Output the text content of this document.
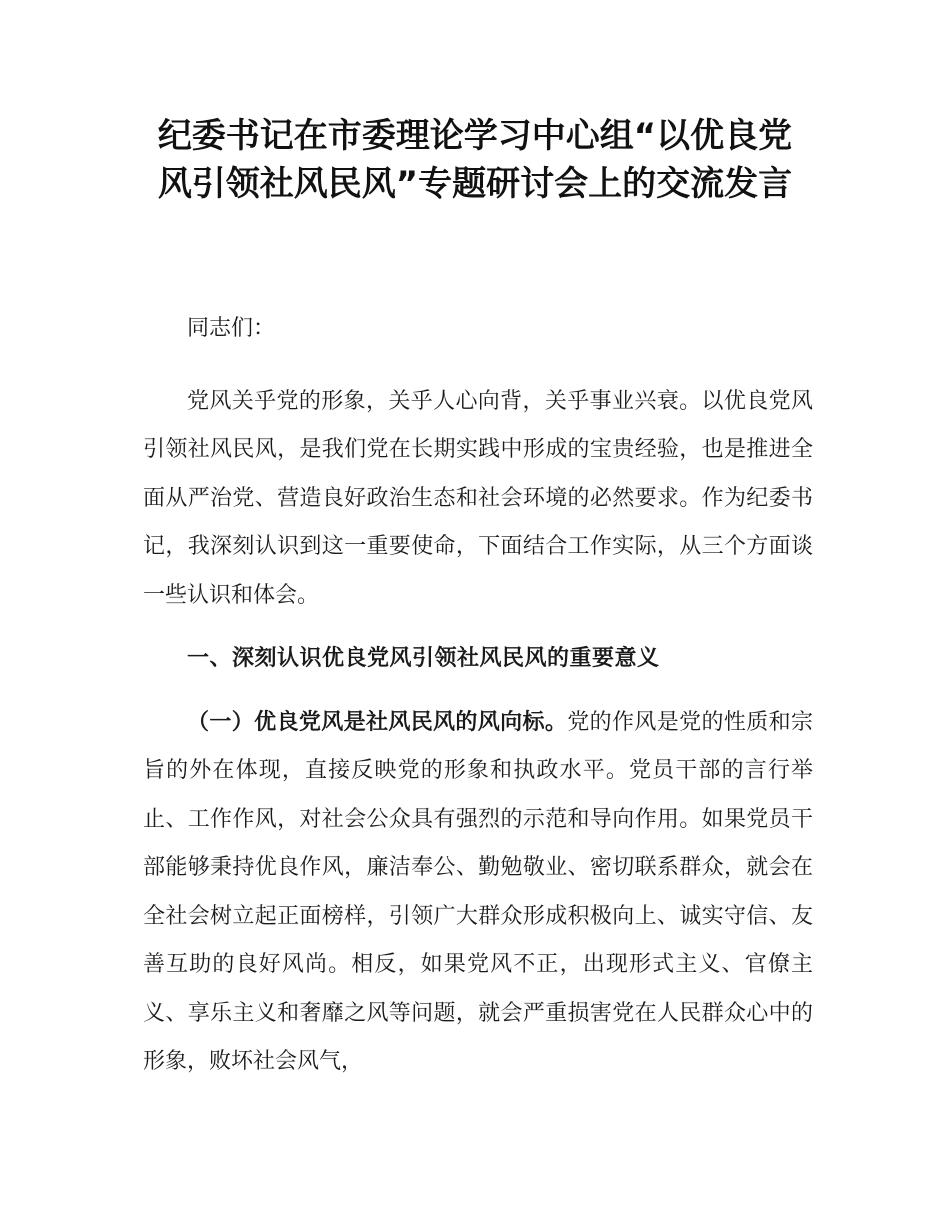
纪委书记在市委理论学习中心组“以优良党
风引领社风民风”专题研讨会上的交流发言

同志们：

党风关乎党的形象，关乎人心向背，关乎事业兴衰。以优良党风引领社风民风，是我们党在长期实践中形成的宝贵经验，也是推进全面从严治党、营造良好政治生态和社会环境的必然要求。作为纪委书记，我深刻认识到这一重要使命，下面结合工作实际，从三个方面谈一些认识和体会。

一、深刻认识优良党风引领社风民风的重要意义

（一）优良党风是社风民风的风向标。党的作风是党的性质和宗旨的外在体现，直接反映党的形象和执政水平。党员干部的言行举止、工作作风，对社会公众具有强烈的示范和导向作用。如果党员干部能够秉持优良作风，廉洁奉公、勤勉敬业、密切联系群众，就会在全社会树立起正面榜样，引领广大群众形成积极向上、诚实守信、友善互助的良好风尚。相反，如果党风不正，出现形式主义、官僚主义、享乐主义和奢靡之风等问题，就会严重损害党在人民群众心中的形象，败坏社会风气，
